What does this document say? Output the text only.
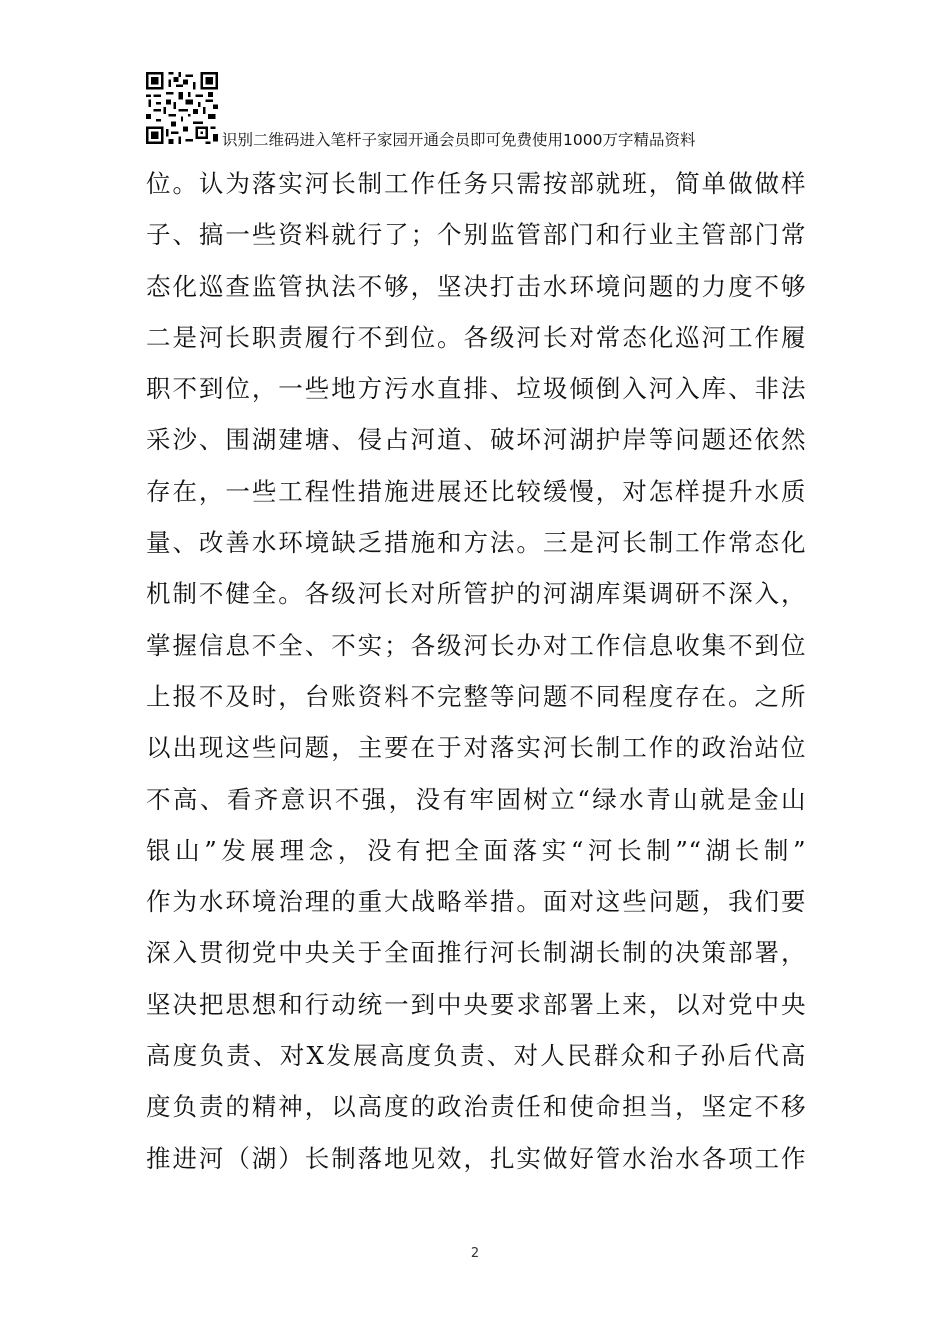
识别二维码进入笔杆子家园开通会员即可免费使用1000万字精品资料
位。认为落实河长制工作任务只需按部就班，简单做做样
子、搞一些资料就行了；个别监管部门和行业主管部门常
态化巡查监管执法不够，坚决打击水环境问题的力度不够
二是河长职责履行不到位。各级河长对常态化巡河工作履
职不到位，一些地方污水直排、垃圾倾倒入河入库、非法
采沙、围湖建塘、侵占河道、破坏河湖护岸等问题还依然
存在，一些工程性措施进展还比较缓慢，对怎样提升水质
量、改善水环境缺乏措施和方法。三是河长制工作常态化
机制不健全。各级河长对所管护的河湖库渠调研不深入，
掌握信息不全、不实；各级河长办对工作信息收集不到位
上报不及时，台账资料不完整等问题不同程度存在。之所
以出现这些问题，主要在于对落实河长制工作的政治站位
不高、看齐意识不强，没有牢固树立“绿水青山就是金山
银山”发展理念，没有把全面落实“河长制”“湖长制”
作为水环境治理的重大战略举措。面对这些问题，我们要
深入贯彻党中央关于全面推行河长制湖长制的决策部署，
坚决把思想和行动统一到中央要求部署上来，以对党中央
高度负责、对X发展高度负责、对人民群众和子孙后代高
度负责的精神，以高度的政治责任和使命担当，坚定不移
推进河（湖）长制落地见效，扎实做好管水治水各项工作
2
